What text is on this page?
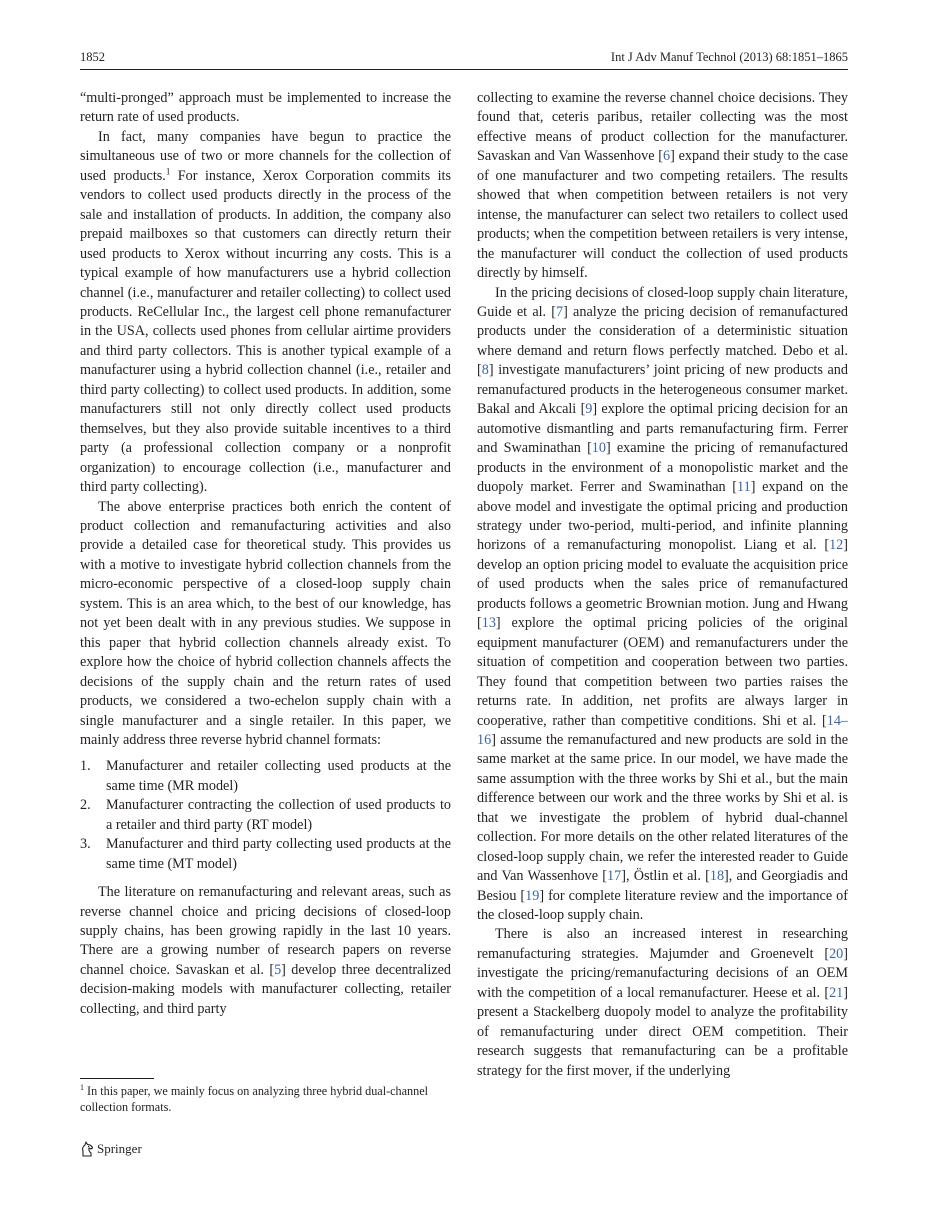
1852	Int J Adv Manuf Technol (2013) 68:1851–1865

“multi-pronged” approach must be implemented to increase the return rate of used products.

In fact, many companies have begun to practice the simultaneous use of two or more channels for the collection of used products.$^1$ For instance, Xerox Corporation commits its vendors to collect used products directly in the process of the sale and installation of products. In addition, the company also prepaid mailboxes so that customers can directly return their used products to Xerox without incurring any costs. This is a typical example of how manufacturers use a hybrid collection channel (i.e., manufacturer and retailer collecting) to collect used products. ReCellular Inc., the largest cell phone remanufacturer in the USA, collects used phones from cellular airtime providers and third party collectors. This is another typical example of a manufacturer using a hybrid collection channel (i.e., retailer and third party collecting) to collect used products. In addition, some manufacturers still not only directly collect used products themselves, but they also provide suitable incentives to a third party (a professional collection company or a nonprofit organization) to encourage collection (i.e., manufacturer and third party collecting).

The above enterprise practices both enrich the content of product collection and remanufacturing activities and also provide a detailed case for theoretical study. This provides us with a motive to investigate hybrid collection channels from the micro-economic perspective of a closed-loop supply chain system. This is an area which, to the best of our knowledge, has not yet been dealt with in any previous studies. We suppose in this paper that hybrid collection channels already exist. To explore how the choice of hybrid collection channels affects the decisions of the supply chain and the return rates of used products, we considered a two-echelon supply chain with a single manufacturer and a single retailer. In this paper, we mainly address three reverse hybrid channel formats:

1. Manufacturer and retailer collecting used products at the same time (MR model)
2. Manufacturer contracting the collection of used products to a retailer and third party (RT model)
3. Manufacturer and third party collecting used products at the same time (MT model)

The literature on remanufacturing and relevant areas, such as reverse channel choice and pricing decisions of closed-loop supply chains, has been growing rapidly in the last 10 years. There are a growing number of research papers on reverse channel choice. Savaskan et al. [5] develop three decentralized decision-making models with manufacturer collecting, retailer collecting, and third party

collecting to examine the reverse channel choice decisions. They found that, ceteris paribus, retailer collecting was the most effective means of product collection for the manufacturer. Savaskan and Van Wassenhove [6] expand their study to the case of one manufacturer and two competing retailers. The results showed that when competition between retailers is not very intense, the manufacturer can select two retailers to collect used products; when the competition between retailers is very intense, the manufacturer will conduct the collection of used products directly by himself.

In the pricing decisions of closed-loop supply chain literature, Guide et al. [7] analyze the pricing decision of remanufactured products under the consideration of a deterministic situation where demand and return flows perfectly matched. Debo et al. [8] investigate manufacturers’ joint pricing of new products and remanufactured products in the heterogeneous consumer market. Bakal and Akcali [9] explore the optimal pricing decision for an automotive dismantling and parts remanufacturing firm. Ferrer and Swaminathan [10] examine the pricing of remanufactured products in the environment of a monopolistic market and the duopoly market. Ferrer and Swaminathan [11] expand on the above model and investigate the optimal pricing and production strategy under two-period, multi-period, and infinite planning horizons of a remanufacturing monopolist. Liang et al. [12] develop an option pricing model to evaluate the acquisition price of used products when the sales price of remanufactured products follows a geometric Brownian motion. Jung and Hwang [13] explore the optimal pricing policies of the original equipment manufacturer (OEM) and remanufacturers under the situation of competition and cooperation between two parties. They found that competition between two parties raises the returns rate. In addition, net profits are always larger in cooperative, rather than competitive conditions. Shi et al. [14–16] assume the remanufactured and new products are sold in the same market at the same price. In our model, we have made the same assumption with the three works by Shi et al., but the main difference between our work and the three works by Shi et al. is that we investigate the problem of hybrid dual-channel collection. For more details on the other related literatures of the closed-loop supply chain, we refer the interested reader to Guide and Van Wassenhove [17], Östlin et al. [18], and Georgiadis and Besiou [19] for complete literature review and the importance of the closed-loop supply chain.

There is also an increased interest in researching remanufacturing strategies. Majumder and Groenevelt [20] investigate the pricing/remanufacturing decisions of an OEM with the competition of a local remanufacturer. Heese et al. [21] present a Stackelberg duopoly model to analyze the profitability of remanufacturing under direct OEM competition. Their research suggests that remanufacturing can be a profitable strategy for the first mover, if the underlying

$^1$ In this paper, we mainly focus on analyzing three hybrid dual-channel collection formats.
Springer
